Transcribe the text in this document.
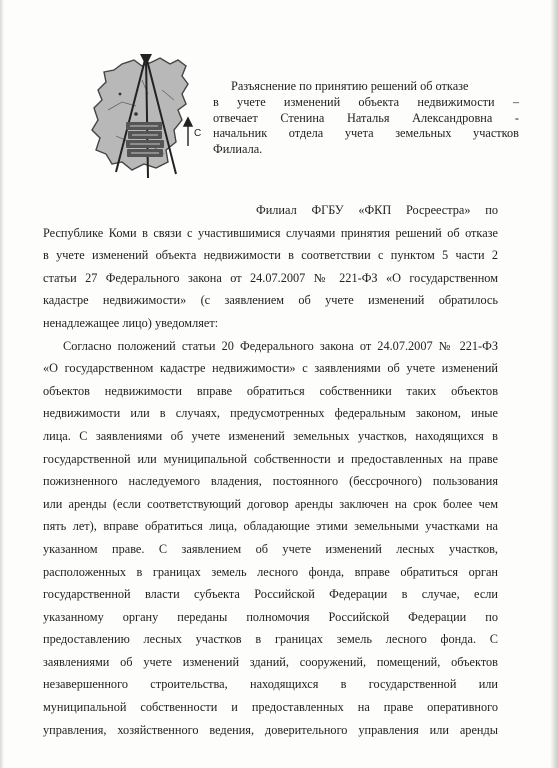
С
Разъяснение по принятию решений об отказе
в учете изменений объекта недвижимости –
отвечает Стенина Наталья Александровна -
начальник отдела учета земельных участков
Филиала.
Филиал ФГБУ «ФКП Росреестра» по
Республике Коми в связи с участившимися случаями принятия решений об отказе
в учете изменений объекта недвижимости в соответствии с пунктом 5 части 2
статьи 27 Федерального закона от 24.07.2007 № 221-ФЗ «О государственном
кадастре недвижимости» (с заявлением об учете изменений обратилось
ненадлежащее лицо) уведомляет:
Согласно положений статьи 20 Федерального закона от 24.07.2007 № 221-ФЗ
«О государственном кадастре недвижимости» с заявлениями об учете изменений
объектов недвижимости вправе обратиться собственники таких объектов
недвижимости или в случаях, предусмотренных федеральным законом, иные
лица. С заявлениями об учете изменений земельных участков, находящихся в
государственной или муниципальной собственности и предоставленных на праве
пожизненного наследуемого владения, постоянного (бессрочного) пользования
или аренды (если соответствующий договор аренды заключен на срок более чем
пять лет), вправе обратиться лица, обладающие этими земельными участками на
указанном праве. С заявлением об учете изменений лесных участков,
расположенных в границах земель лесного фонда, вправе обратиться орган
государственной власти субъекта Российской Федерации в случае, если
указанному органу переданы полномочия Российской Федерации по
предоставлению лесных участков в границах земель лесного фонда. С
заявлениями об учете изменений зданий, сооружений, помещений, объектов
незавершенного строительства, находящихся в государственной или
муниципальной собственности и предоставленных на праве оперативного
управления, хозяйственного ведения, доверительного управления или аренды
